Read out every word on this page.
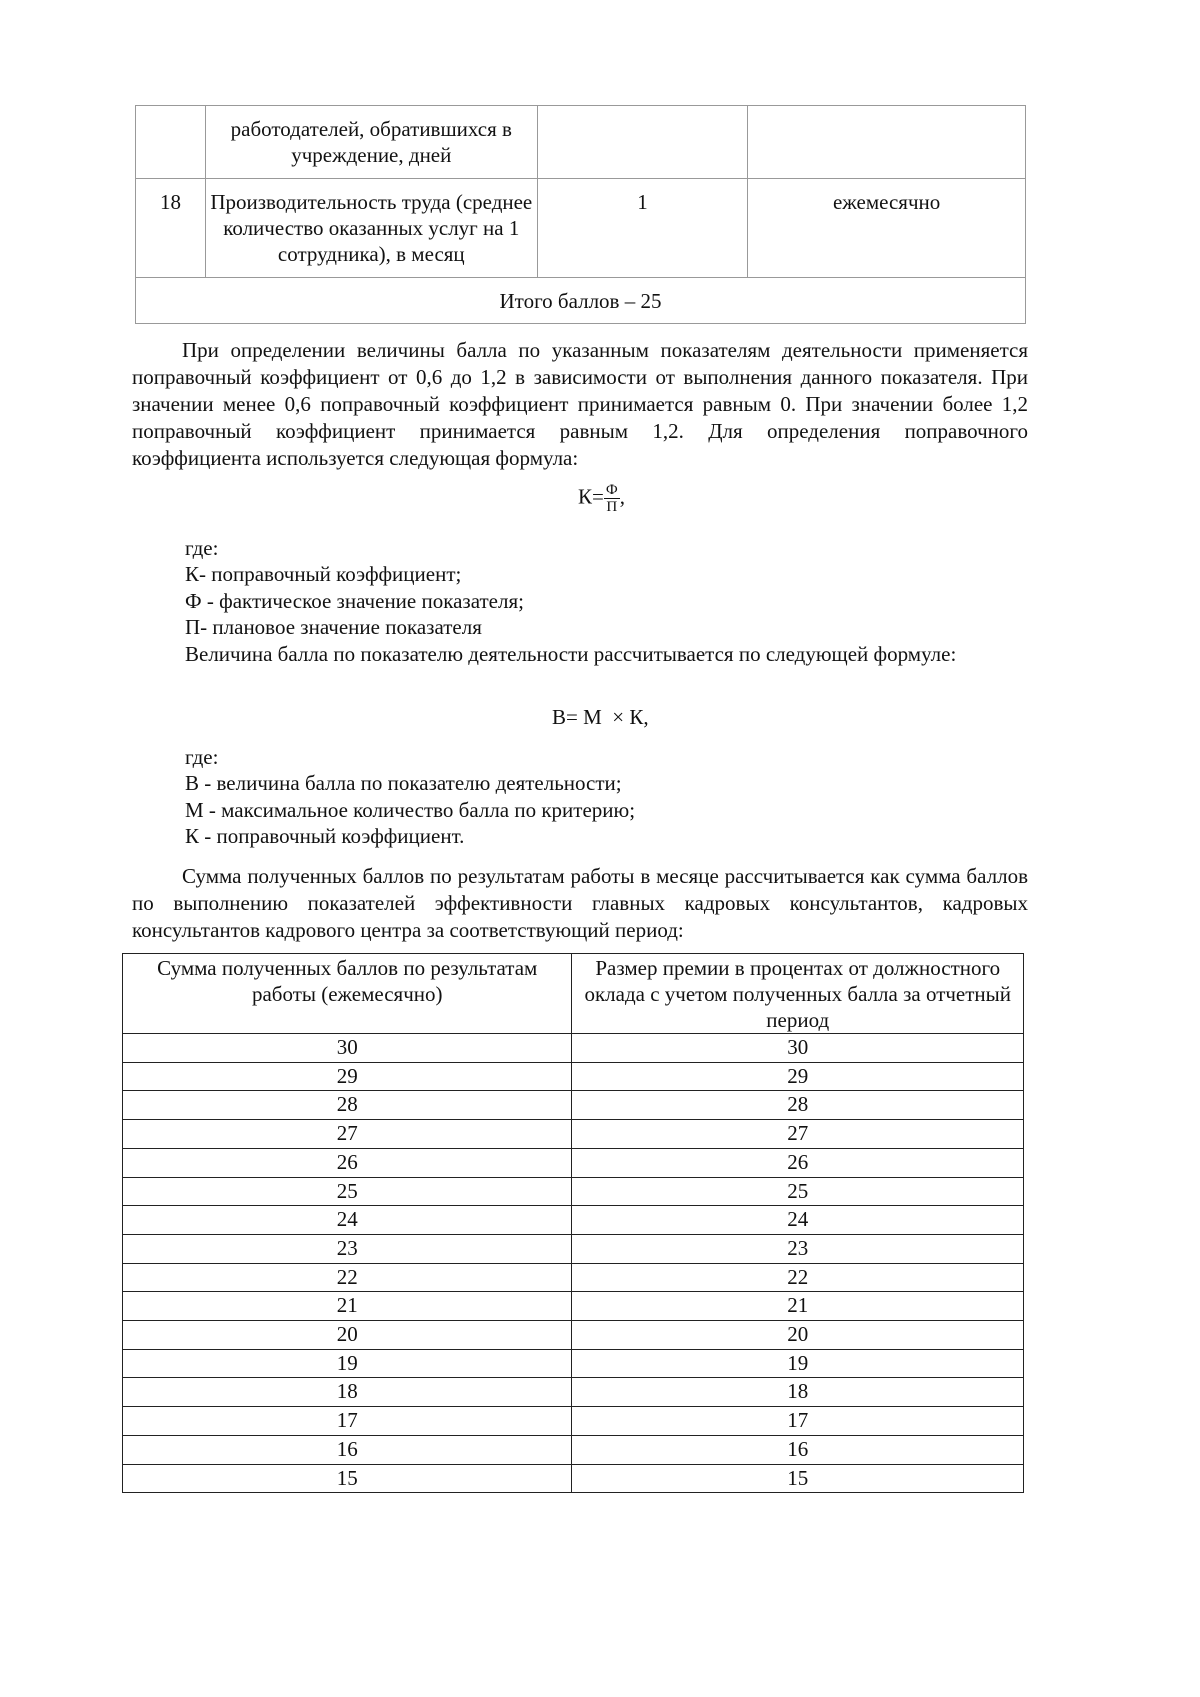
	работодателей, обратившихся в учреждение, дней		
18	Производительность труда (среднее количество оказанных услуг на 1 сотрудника), в месяц	1	ежемесячно
Итого баллов – 25			
При определении величины балла по указанным показателям деятельности применяется поправочный коэффициент от 0,6 до 1,2 в зависимости от выполнения данного показателя. При значении менее 0,6 поправочный коэффициент принимается равным 0. При значении более 1,2 поправочный коэффициент принимается равным 1,2. Для определения поправочного коэффициента используется следующая формула:
$К= \frac{Ф}{П}$ ,
где:
К- поправочный коэффициент;
Ф - фактическое значение показателя;
П- плановое значение показателя
Величина балла по показателю деятельности рассчитывается по следующей формуле:
В= М  × К,
где:
В - величина балла по показателю деятельности;
М - максимальное количество балла по критерию;
К - поправочный коэффициент.
Сумма полученных баллов по результатам работы в месяце рассчитывается как сумма баллов по выполнению показателей эффективности главных кадровых консультантов, кадровых консультантов кадрового центра за соответствующий период:
Сумма полученных баллов по результатам работы (ежемесячно)	Размер премии в процентах от должностного оклада с учетом полученных балла за отчетный период
30	30
29	29
28	28
27	27
26	26
25	25
24	24
23	23
22	22
21	21
20	20
19	19
18	18
17	17
16	16
15	15
